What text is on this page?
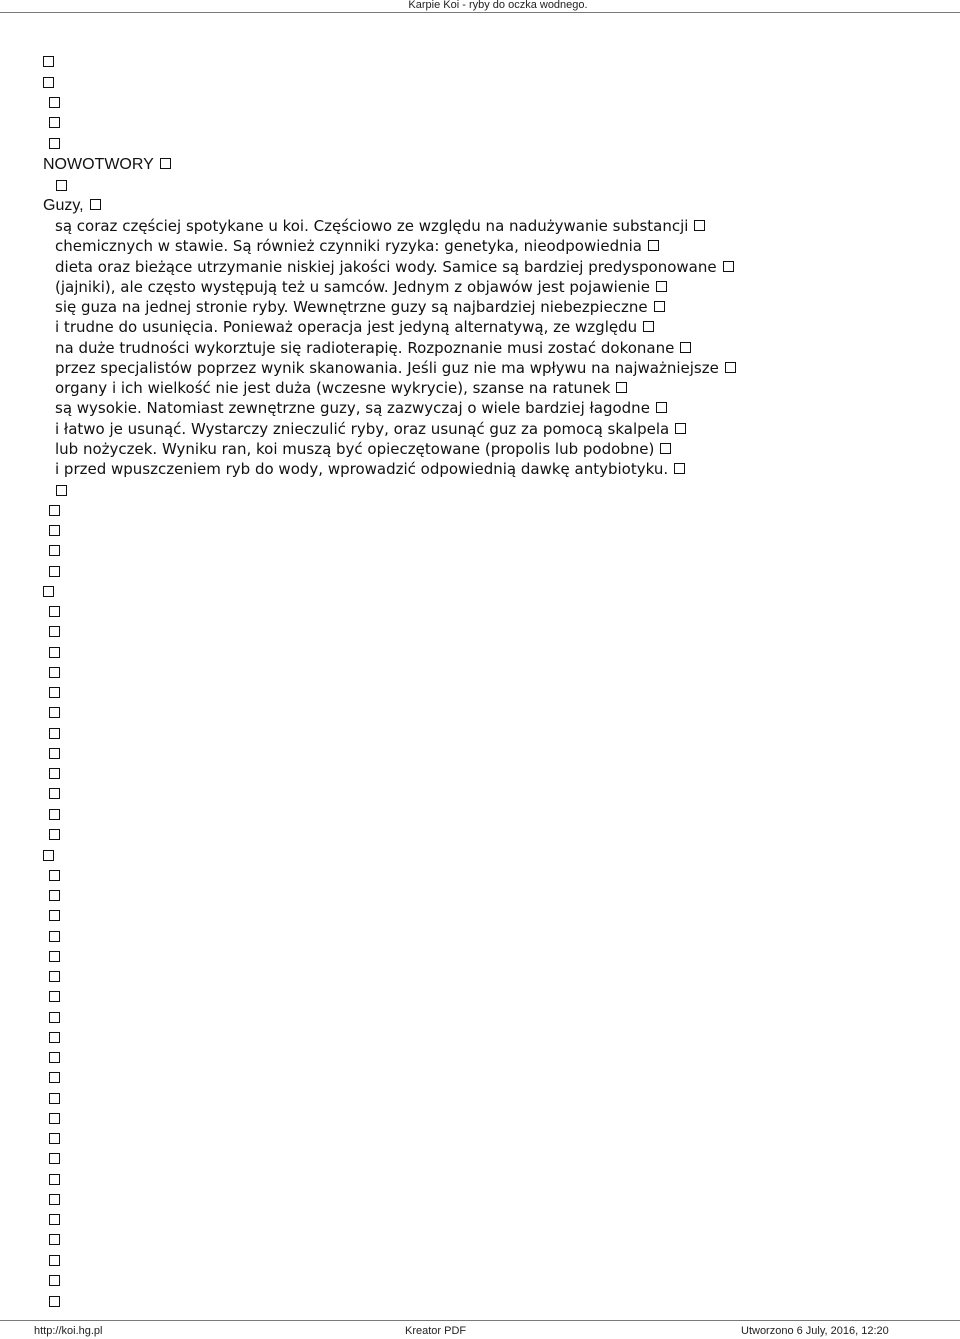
Karpie Koi - ryby do oczka wodnego.
NOWOTWORY
Guzy,
są coraz częściej spotykane u koi. Częściowo ze względu na nadużywanie substancji
chemicznych w stawie. Są również czynniki ryzyka: genetyka, nieodpowiednia
dieta oraz bieżące utrzymanie niskiej jakości wody. Samice są bardziej predysponowane
(jajniki), ale często występują też u samców. Jednym z objawów jest pojawienie
się guza na jednej stronie ryby. Wewnętrzne guzy są najbardziej niebezpieczne
i trudne do usunięcia. Ponieważ operacja jest jedyną alternatywą, ze względu
na duże trudności wykorztuje się radioterapię. Rozpoznanie musi zostać dokonane
przez specjalistów poprzez wynik skanowania. Jeśli guz nie ma wpływu na najważniejsze
organy i ich wielkość nie jest duża (wczesne wykrycie), szanse na ratunek
są wysokie. Natomiast zewnętrzne guzy, są zazwyczaj o wiele bardziej łagodne
i łatwo je usunąć. Wystarczy znieczulić ryby, oraz usunąć guz za pomocą skalpela
lub nożyczek. Wyniku ran, koi muszą być opieczętowane (propolis lub podobne)
i przed wpuszczeniem ryb do wody, wprowadzić odpowiednią dawkę antybiotyku.
http://koi.hg.pl	Kreator PDF	Utworzono 6 July, 2016, 12:20
